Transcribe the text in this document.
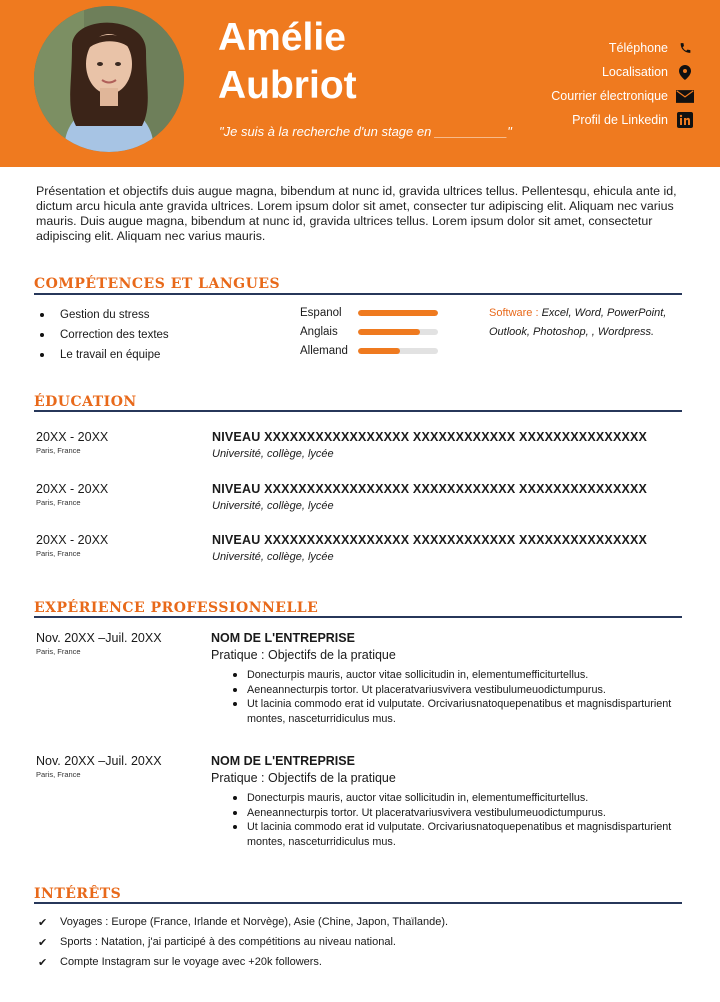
Amélie
Aubriot
"Je suis à la recherche d'un stage en __________"
Téléphone
Localisation
Courrier électronique
Profil de Linkedin

Présentation et objectifs duis augue magna, bibendum at nunc id, gravida ultrices tellus. Pellentesqu, ehicula ante id, dictum arcu hicula ante gravida ultrices. Lorem ipsum dolor sit amet, consecter tur adipiscing elit. Aliquam nec varius mauris. Duis augue magna, bibendum at nunc id, gravida ultrices tellus. Lorem ipsum dolor sit amet, consectetur adipiscing elit. Aliquam nec varius mauris.

COMPÉTENCES ET LANGUES
Gestion du stress
Correction des textes
Le travail en équipe
Espanol
Anglais
Allemand
Software : Excel, Word, PowerPoint, Outlook, Photoshop, , Wordpress.
ÉDUCATION
20XX - 20XX
Paris, France
NIVEAU XXXXXXXXXXXXXXXXX XXXXXXXXXXXX XXXXXXXXXXXXXXX
Université, collège, lycée
20XX - 20XX
Paris, France
NIVEAU XXXXXXXXXXXXXXXXX XXXXXXXXXXXX XXXXXXXXXXXXXXX
Université, collège, lycée
20XX - 20XX
Paris, France
NIVEAU XXXXXXXXXXXXXXXXX XXXXXXXXXXXX XXXXXXXXXXXXXXX
Université, collège, lycée
EXPÉRIENCE PROFESSIONNELLE
Nov. 20XX –Juil. 20XX
Paris, France
NOM DE L'ENTREPRISE
Pratique : Objectifs de la pratique
Donecturpis mauris, auctor vitae sollicitudin in, elementumefficiturtellus.
Aeneannecturpis tortor. Ut placeratvariusvivera vestibulumeuodictumpurus.
Ut lacinia commodo erat id vulputate. Orcivariusnatoquepenatibus et magnisdisparturient montes, nasceturridiculus mus.
Nov. 20XX –Juil. 20XX
Paris, France
NOM DE L'ENTREPRISE
Pratique : Objectifs de la pratique
Donecturpis mauris, auctor vitae sollicitudin in, elementumefficiturtellus.
Aeneannecturpis tortor. Ut placeratvariusvivera vestibulumeuodictumpurus.
Ut lacinia commodo erat id vulputate. Orcivariusnatoquepenatibus et magnisdisparturient montes, nasceturridiculus mus.
INTÉRÊTS
✔ Voyages : Europe (France, Irlande et Norvège), Asie (Chine, Japon, Thaïlande).
✔ Sports : Natation, j'ai participé à des compétitions au niveau national.
✔ Compte Instagram sur le voyage avec +20k followers.
